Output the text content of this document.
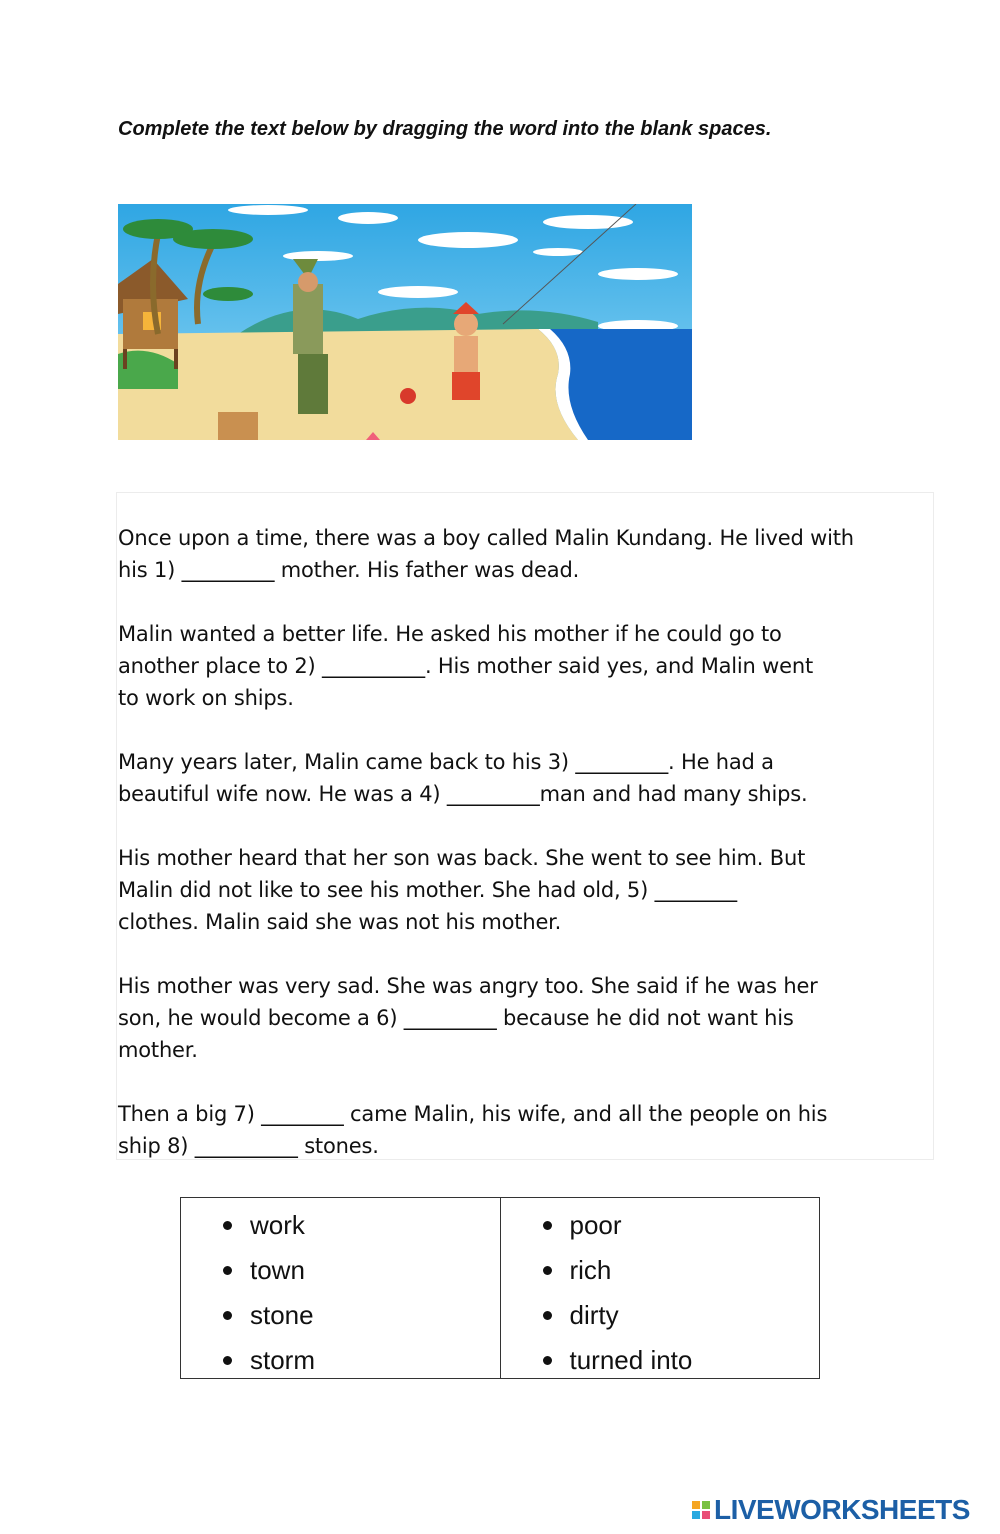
Complete the text below by dragging the word into the blank spaces.
Once upon a time, there was a boy called Malin Kundang. He lived with
his 1) _________ mother. His father was dead.
Malin wanted a better life. He asked his mother if he could go to
another place to 2) __________. His mother said yes, and Malin went
to work on ships.
Many years later, Malin came back to his 3) _________. He had a
beautiful wife now. He was a 4) _________man and had many ships.
His mother heard that her son was back. She went to see him. But
Malin did not like to see his mother. She had old, 5) ________
clothes. Malin said she was not his mother.
His mother was very sad. She was angry too. She said if he was her
son, he would become a 6) _________ because he did not want his
mother.
Then a big 7) ________ came Malin, his wife, and all the people on his
ship 8) __________ stones.
work
town
stone
storm
poor
rich
dirty
turned into
LIVEWORKSHEETS
